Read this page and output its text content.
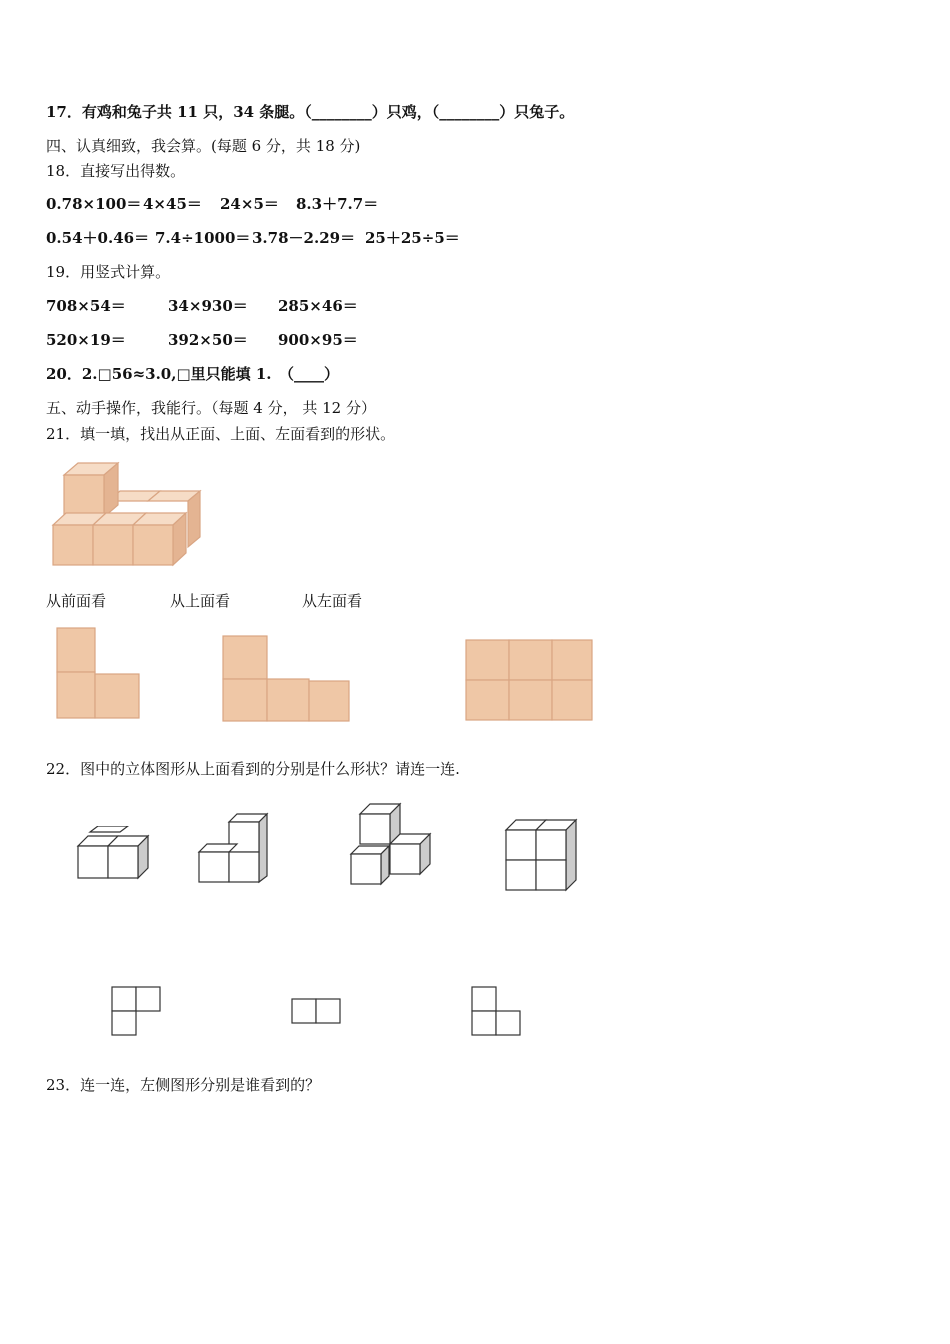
17．有鸡和兔子共 11 只，34 条腿。（________）只鸡，（________）只兔子。
四、认真细致，我会算。(每题 6 分，共 18 分)
18．直接写出得数。
0.78×100＝ 4×45＝ 24×5＝ 8.3＋7.7＝
0.54＋0.46＝ 7.4÷1000＝ 3.78－2.29＝ 25＋25÷5＝
19．用竖式计算。
708×54＝	34×930＝ 285×46＝
520×19＝	392×50＝ 900×95＝
20．2.□56≈3.0,□里只能填 1.　（____）
五、动手操作，我能行。（每题 4 分， 共 12 分）
21．填一填，找出从正面、上面、左面看到的形状。
从前面看	从上面看	从左面看
22．图中的立体图形从上面看到的分别是什么形状？请连一连.
23．连一连，左侧图形分别是谁看到的？
